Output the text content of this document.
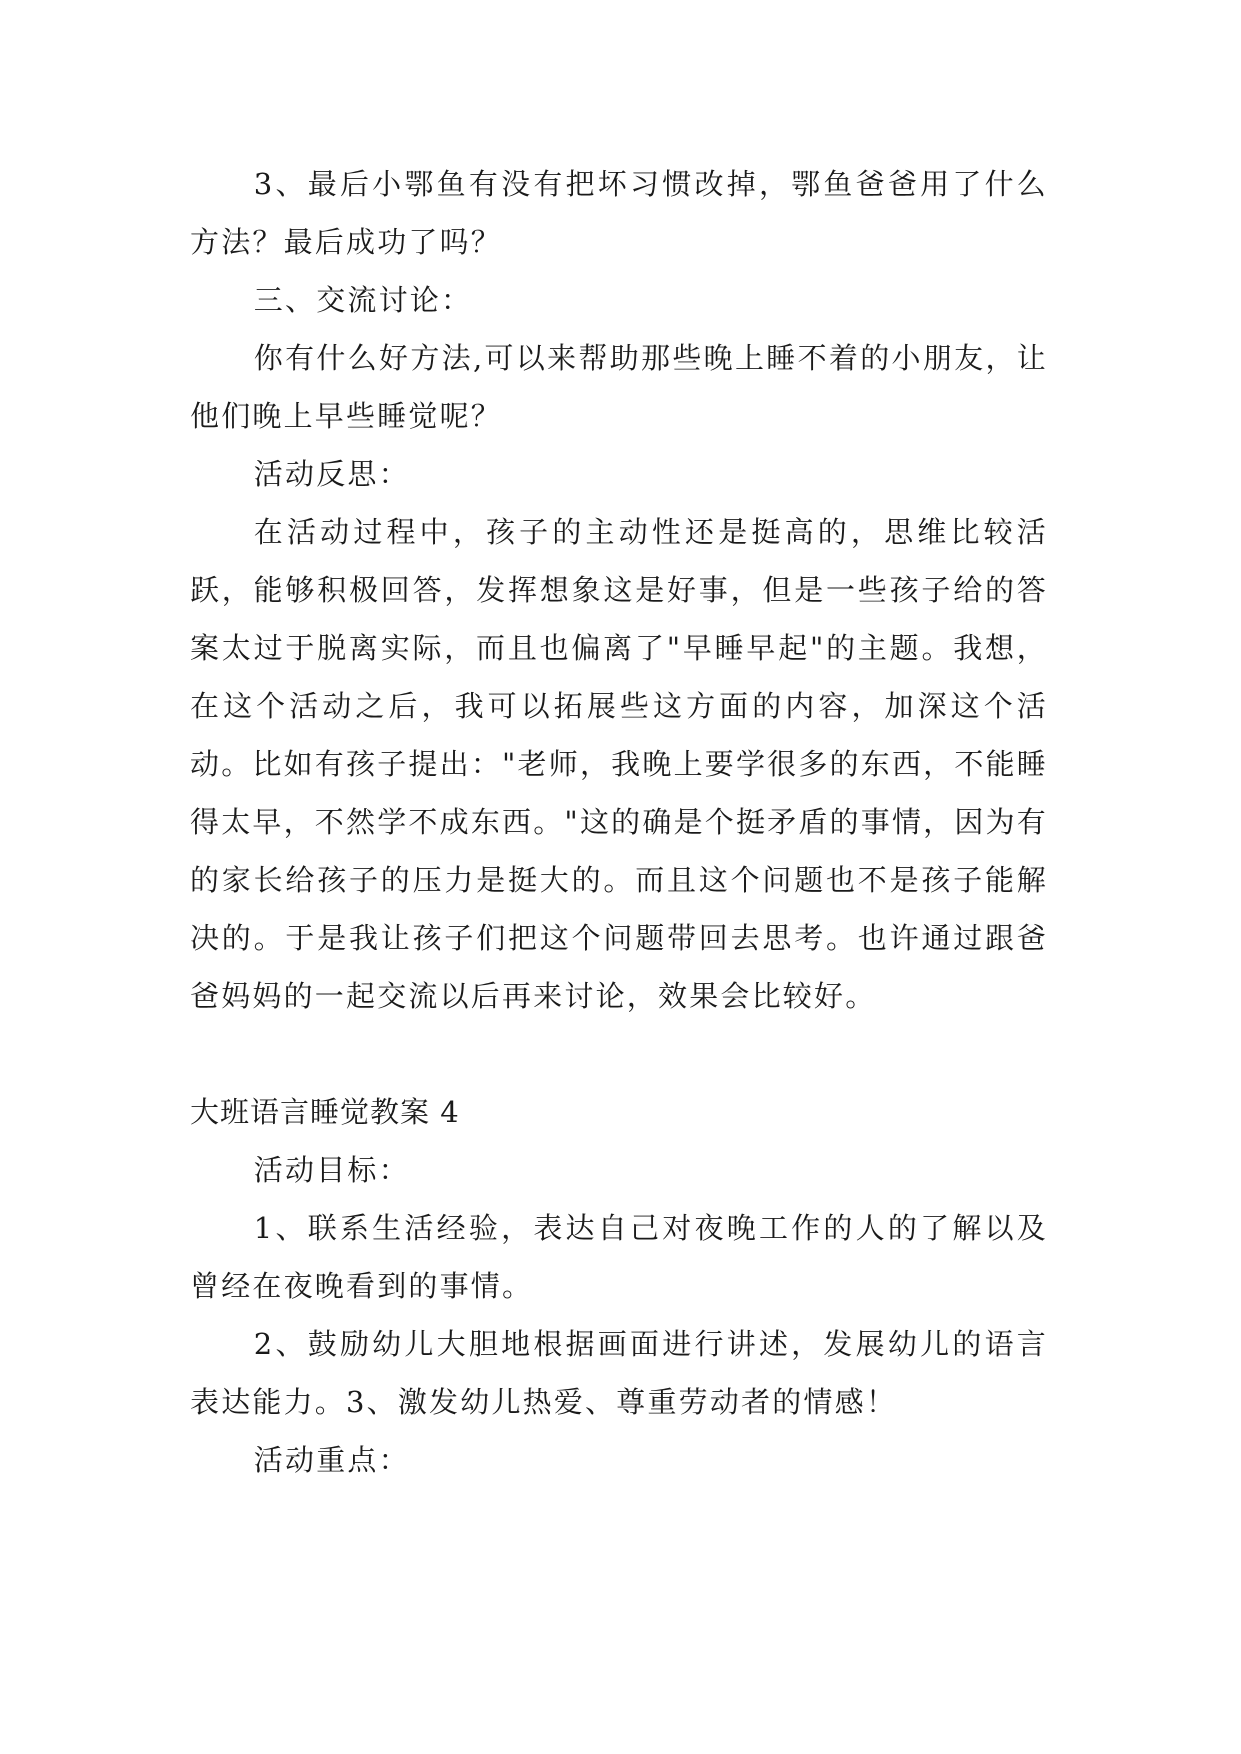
3、最后小鄂鱼有没有把坏习惯改掉，鄂鱼爸爸用了什么方法？最后成功了吗？

三、交流讨论：

你有什么好方法,可以来帮助那些晚上睡不着的小朋友，让他们晚上早些睡觉呢？

活动反思：

在活动过程中，孩子的主动性还是挺高的，思维比较活跃，能够积极回答，发挥想象这是好事，但是一些孩子给的答案太过于脱离实际，而且也偏离了"早睡早起"的主题。我想，在这个活动之后，我可以拓展些这方面的内容，加深这个活动。比如有孩子提出："老师，我晚上要学很多的东西，不能睡得太早，不然学不成东西。"这的确是个挺矛盾的事情，因为有的家长给孩子的压力是挺大的。而且这个问题也不是孩子能解决的。于是我让孩子们把这个问题带回去思考。也许通过跟爸爸妈妈的一起交流以后再来讨论，效果会比较好。

大班语言睡觉教案 4

活动目标：

1、联系生活经验，表达自己对夜晚工作的人的了解以及曾经在夜晚看到的事情。

2、鼓励幼儿大胆地根据画面进行讲述，发展幼儿的语言表达能力。3、激发幼儿热爱、尊重劳动者的情感！

活动重点：
